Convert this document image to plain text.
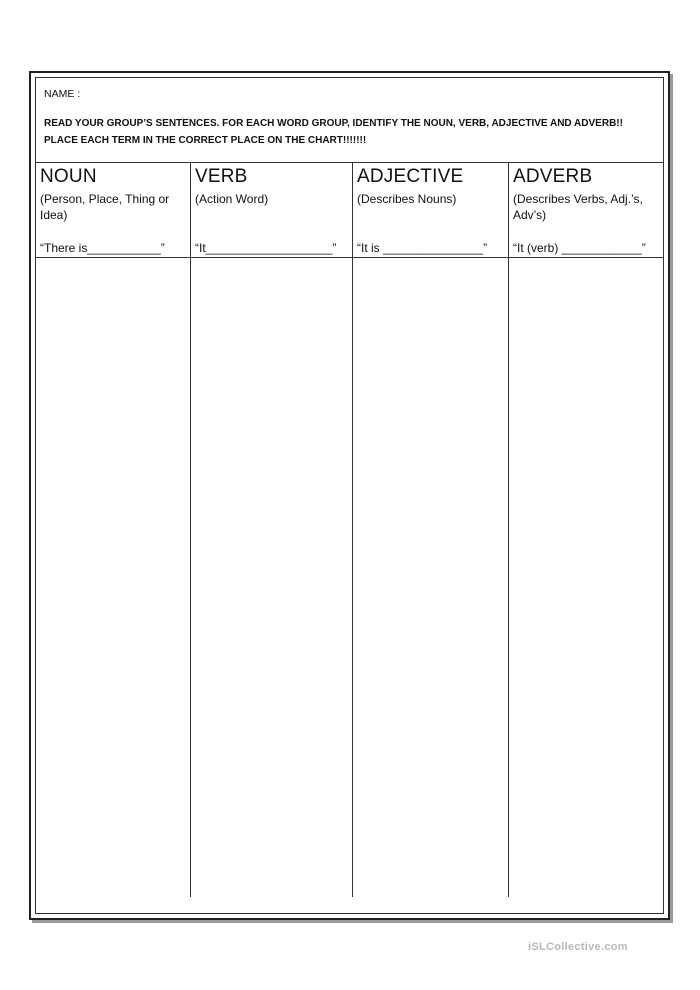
NAME :
READ YOUR GROUP’S SENTENCES. FOR EACH WORD GROUP, IDENTIFY THE NOUN, VERB, ADJECTIVE AND ADVERB!!
PLACE EACH TERM IN THE CORRECT PLACE ON THE CHART!!!!!!!
NOUN
(Person, Place, Thing or Idea)
“There is___________”
VERB
(Action Word)
“It___________________”
ADJECTIVE
(Describes Nouns)
“It is _______________”
ADVERB
(Describes Verbs, Adj.’s, Adv’s)
“It (verb) ____________”
iSLCollective.com
